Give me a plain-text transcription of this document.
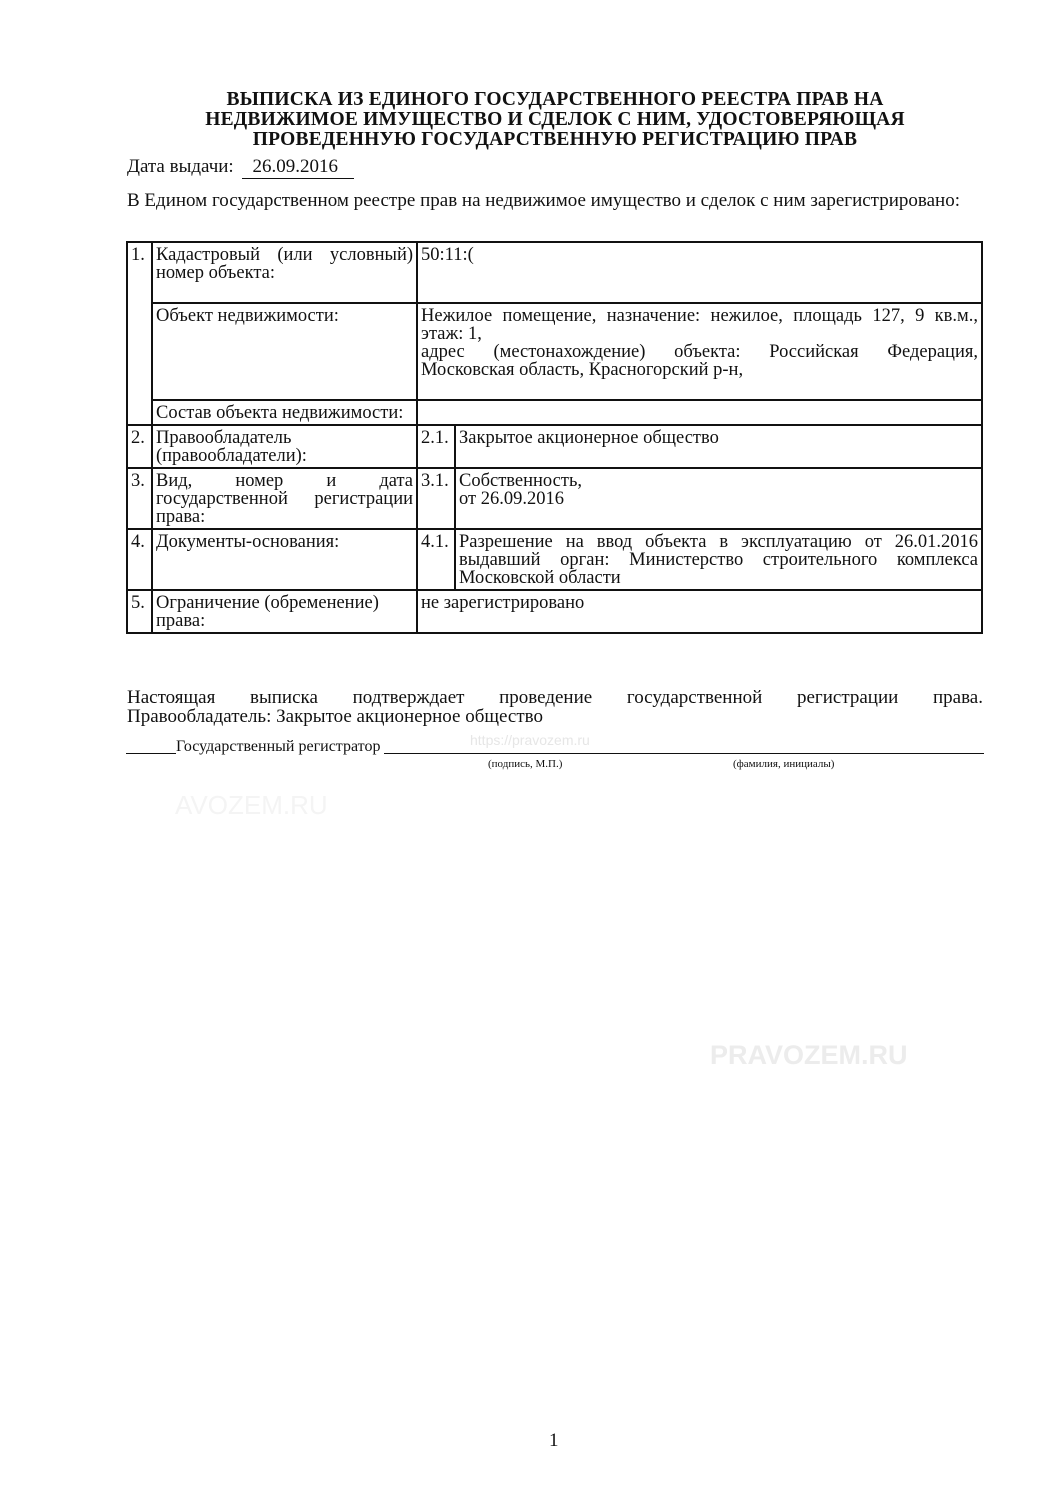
ВЫПИСКА ИЗ ЕДИНОГО ГОСУДАРСТВЕННОГО РЕЕСТРА ПРАВ НА
НЕДВИЖИМОЕ ИМУЩЕСТВО И СДЕЛОК С НИМ, УДОСТОВЕРЯЮЩАЯ
ПРОВЕДЕННУЮ ГОСУДАРСТВЕННУЮ РЕГИСТРАЦИЮ ПРАВ
Дата выдачи: 26.09.2016
В Едином государственном реестре прав на недвижимое имущество и сделок с ним зарегистрировано:
1.	Кадастровый (или условный) номер объекта:	50:11:(	
	Объект недвижимости:	Нежилое помещение, назначение: нежилое, площадь 127, 9 кв.м., этаж: 1,
адрес (местонахождение) объекта: Российская Федерация, Московская область, Красногорский р-н,	

	Состав объекта недвижимости:		
2.	Правообладатель (правообладатели):	2.1.	Закрытое акционерное общество
3.	Вид, номер и дата государственной регистрации права:	3.1.	Собственность,
от 26.09.2016

4.	Документы-основания:	4.1.	Разрешение на ввод объекта в эксплуатацию от 26.01.2016 выдавший орган: Министерство строительного комплекса Московской области
5.	Ограничение (обременение) права:	не зарегистрировано	
Настоящая выписка подтверждает проведение государственной регистрации права.
Правообладатель: Закрытое акционерное общество
https://pravozem.ru
Государственный регистратор
(подпись, М.П.)	(фамилия, инициалы)
AVOZEM.RU
PRAVOZEM.RU
1
